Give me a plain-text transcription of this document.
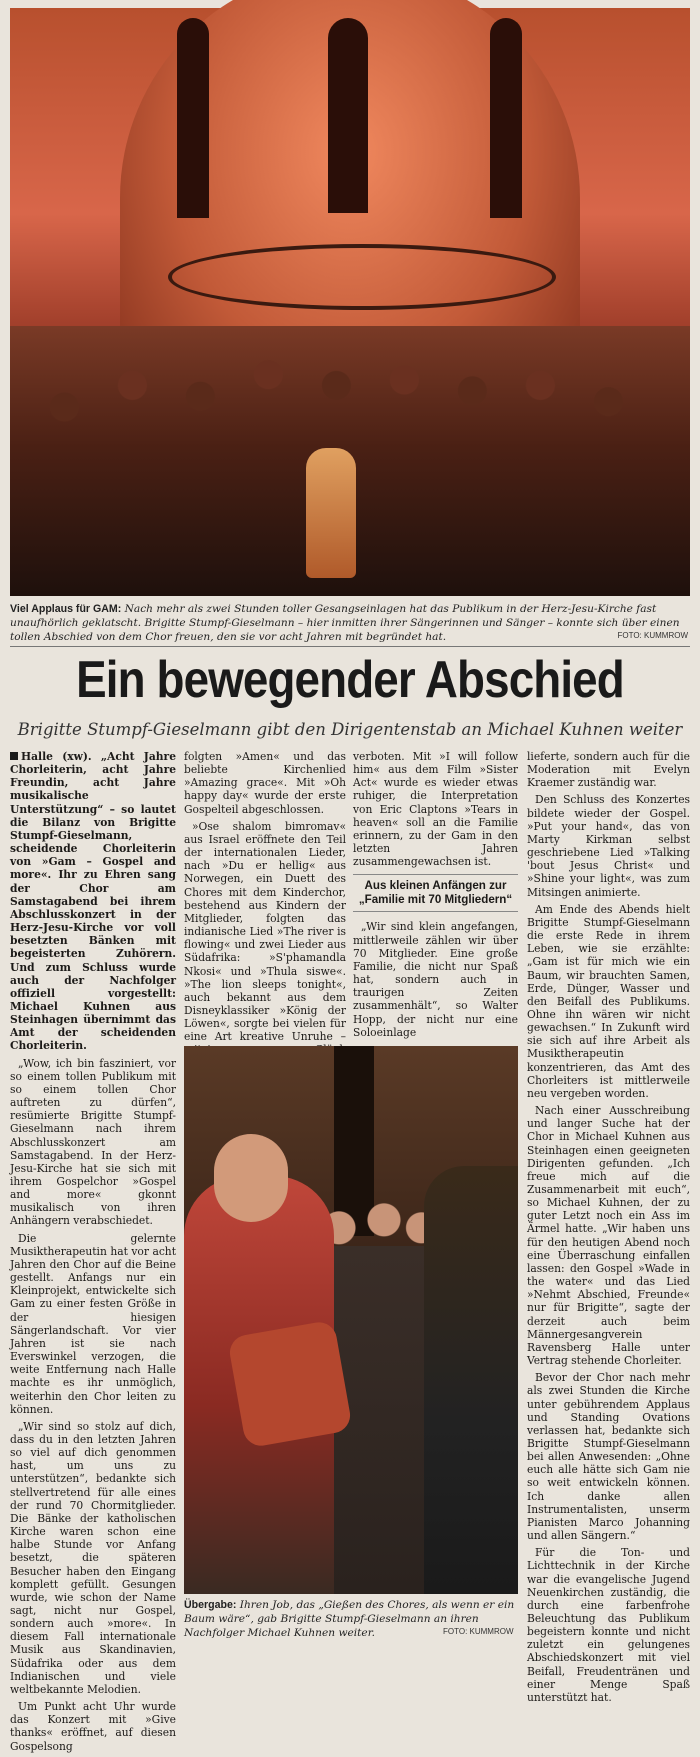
Viel Applaus für GAM: Nach mehr als zwei Stunden toller Gesangseinlagen hat das Publikum in der Herz-Jesu-Kirche fast unaufhörlich geklatscht. Brigitte Stumpf-Gieselmann – hier inmitten ihrer Sängerinnen und Sänger – konnte sich über einen tollen Abschied von dem Chor freuen, den sie vor acht Jahren mit begründet hat.	FOTO: KUMMROW
Ein bewegender Abschied
Brigitte Stumpf-Gieselmann gibt den Dirigentenstab an Michael Kuhnen weiter

Halle (xw). „Acht Jahre Chorleiterin, acht Jahre Freundin, acht Jahre musikalische Unterstützung“ – so lautet die Bilanz von Brigitte Stumpf-Gieselmann, scheidende Chorleiterin von »Gam – Gospel and more«. Ihr zu Ehren sang der Chor am Samstagabend bei ihrem Abschlusskonzert in der Herz-Jesu-Kirche vor voll besetzten Bänken mit begeisterten Zuhörern. Und zum Schluss wurde auch der Nachfolger offiziell vorgestellt: Michael Kuhnen aus Steinhagen übernimmt das Amt der scheidenden Chorleiterin.

„Wow, ich bin fasziniert, vor so einem tollen Publikum mit so einem tollen Chor auftreten zu dürfen“, resümierte Brigitte Stumpf-Gieselmann nach ihrem Abschlusskonzert am Samstagabend. In der Herz-Jesu-Kirche hat sie sich mit ihrem Gospelchor »Gospel and more« gkonnt musikalisch von ihren Anhängern verabschiedet.

Die gelernte Musiktherapeutin hat vor acht Jahren den Chor auf die Beine gestellt. Anfangs nur ein Kleinprojekt, entwickelte sich Gam zu einer festen Größe in der hiesigen Sängerlandschaft. Vor vier Jahren ist sie nach Everswinkel verzogen, die weite Entfernung nach Halle machte es ihr unmöglich, weiterhin den Chor leiten zu können.

„Wir sind so stolz auf dich, dass du in den letzten Jahren so viel auf dich genommen hast, um uns zu unterstützen“, bedankte sich stellvertretend für alle eines der rund 70 Chormitglieder. Die Bänke der katholischen Kirche waren schon eine halbe Stunde vor Anfang besetzt, die späteren Besucher haben den Eingang komplett gefüllt. Gesungen wurde, wie schon der Name sagt, nicht nur Gospel, sondern auch »more«. In diesem Fall internationale Musik aus Skandinavien, Südafrika oder aus dem Indianischen und viele weltbekannte Melodien.

Um Punkt acht Uhr wurde das Konzert mit »Give thanks« eröffnet, auf diesen Gospelsong

folgten »Amen« und das beliebte Kirchenlied »Amazing grace«. Mit »Oh happy day« wurde der erste Gospelteil abgeschlossen.

»Ose shalom bimromav« aus Israel eröffnete den Teil der internationalen Lieder, nach »Du er hellig« aus Norwegen, ein Duett des Chores mit dem Kinderchor, bestehend aus Kindern der Mitglieder, folgten das indianische Lied »The river is flowing« und zwei Lieder aus Südafrika: »S'phamandla Nkosi« und »Thula siswe«. »The lion sleeps tonight«, auch bekannt aus dem Disneyklassiker »König der Löwen«, sorgte bei vielen für eine Art kreative Unruhe –

verboten. Mit »I will follow him« aus dem Film »Sister Act« wurde es wieder etwas ruhiger, die Interpretation von Eric Claptons »Tears in heaven« soll an die Familie erinnern, zu der Gam in den letzten Jahren zusammengewachsen ist.

Aus kleinen Anfängen zur „Familie mit 70 Mitgliedern“

„Wir sind klein angefangen, mittlerweile zählen wir über 70 Mitglieder. Eine große Familie, die nicht nur Spaß hat, sondern auch in traurigen Zeiten zusammenhält“, so Walter Hopp, der nicht nur eine Soloeinlage

lieferte, sondern auch für die Moderation mit Evelyn Kraemer zuständig war.

Den Schluss des Konzertes bildete wieder der Gospel. »Put your hand«, das von Marty Kirkman selbst geschriebene Lied »Talking 'bout Jesus Christ« und »Shine your light«, was zum Mitsingen animierte.

Am Ende des Abends hielt Brigitte Stumpf-Gieselmann die erste Rede in ihrem Leben, wie sie erzählte: „Gam ist für mich wie ein Baum, wir brauchten Samen, Erde, Dünger, Wasser und den Beifall des Publikums. Ohne ihn wären wir nicht gewachsen.“ In Zukunft wird sie sich auf ihre Arbeit als Musiktherapeutin konzentrieren, das Amt des Chorleiters ist mittlerweile neu vergeben worden.

Nach einer Ausschreibung und langer Suche hat der Chor in Michael Kuhnen aus Steinhagen einen geeigneten Dirigenten gefunden. „Ich freue mich auf die Zusammenarbeit mit euch“, so Michael Kuhnen, der zu guter Letzt noch ein Ass im Ärmel hatte. „Wir haben uns für den heutigen Abend noch eine Überraschung einfallen lassen: den Gospel »Wade in the water« und das Lied »Nehmt Abschied, Freunde« nur für Brigitte“, sagte der derzeit auch beim Männergesangverein Ravensberg Halle unter Vertrag stehende Chorleiter.

Bevor der Chor nach mehr als zwei Stunden die Kirche unter gebührendem Applaus und Standing Ovations verlassen hat, bedankte sich Brigitte Stumpf-Gieselmann bei allen Anwesenden: „Ohne euch alle hätte sich Gam nie so weit entwickeln können. Ich danke allen Instrumentalisten, unserm Pianisten Marco Johanning und allen Sängern.“

Für die Ton- und Lichttechnik in der Kirche war die evangelische Jugend Neuenkirchen zuständig, die durch eine farbenfrohe Beleuchtung das Publikum begeistern konnte und nicht zuletzt ein gelungenes Abschiedskonzert mit viel Beifall, Freudentränen und einer Menge Spaß unterstützt hat.

Übergabe: Ihren Job, das „Gießen des Chores, als wenn er ein Baum wäre“, gab Brigitte Stumpf-Gieselmann an ihren Nachfolger Michael Kuhnen weiter.	FOTO: KUMMROW
